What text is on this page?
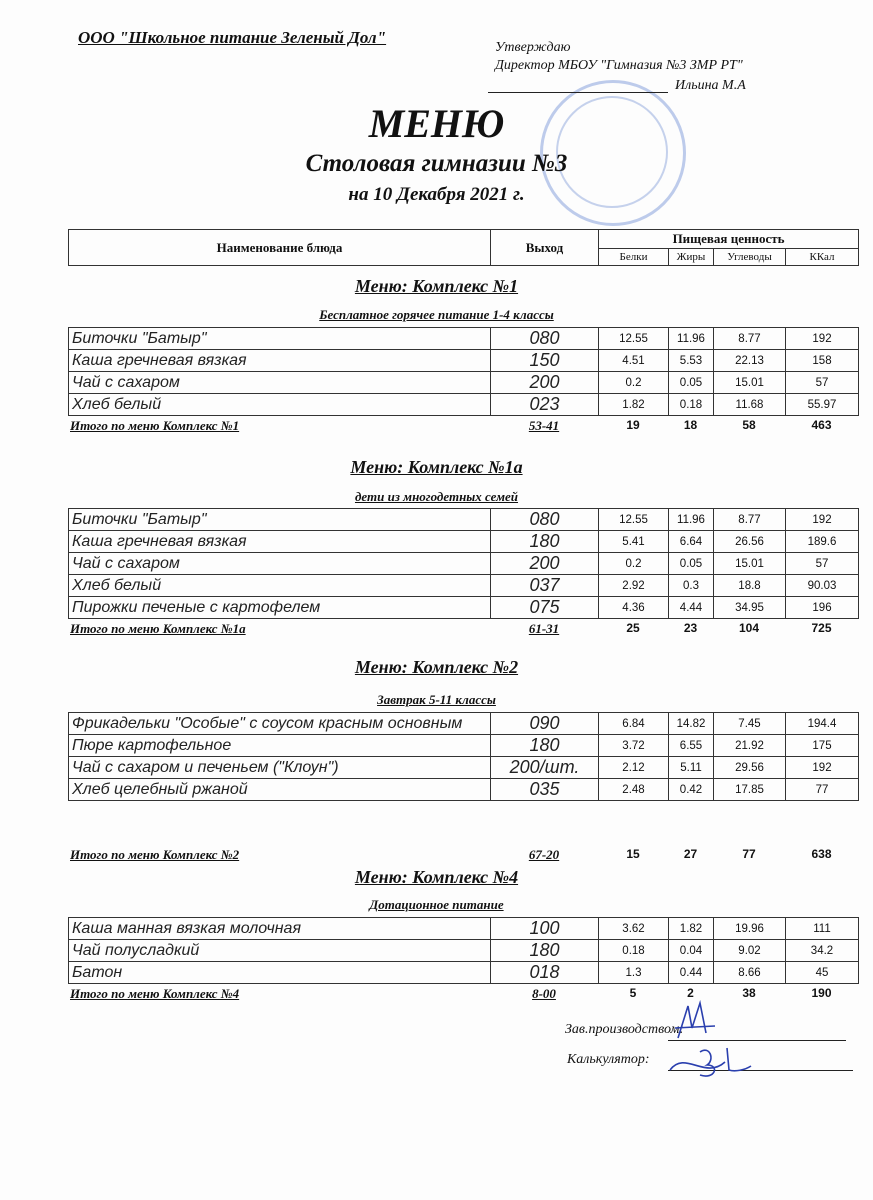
ООО "Школьное питание Зеленый Дол"
Утверждаю
Директор МБОУ "Гимназия №3 ЗМР РТ"
Ильина М.А
МЕНЮ
Столовая гимназии №3
на 10 Декабря 2021 г.
Наименование блюда	Выход	Пищевая ценность			
		Белки	Жиры	Углеводы	ККал
Меню: Комплекс №1
Бесплатное горячее питание 1-4 классы
Биточки "Батыр"	080	12.55	11.96	8.77	192
Каша гречневая вязкая	150	4.51	5.53	22.13	158
Чай с сахаром	200	0.2	0.05	15.01	57
Хлеб белый	023	1.82	0.18	11.68	55.97
Итого по меню Комплекс №1	53-41	19	18	58	463
Меню: Комплекс №1а
дети из многодетных семей
Биточки "Батыр"	080	12.55	11.96	8.77	192
Каша гречневая вязкая	180	5.41	6.64	26.56	189.6
Чай с сахаром	200	0.2	0.05	15.01	57
Хлеб белый	037	2.92	0.3	18.8	90.03
Пирожки печеные с картофелем	075	4.36	4.44	34.95	196
Итого по меню Комплекс №1а	61-31	25	23	104	725
Меню: Комплекс №2
Завтрак 5-11 классы
Фрикадельки "Особые" с соусом красным основным	090	6.84	14.82	7.45	194.4
Пюре картофельное	180	3.72	6.55	21.92	175
Чай с сахаром и печеньем ("Клоун")	200/шт.	2.12	5.11	29.56	192
Хлеб целебный ржаной	035	2.48	0.42	17.85	77
Итого по меню Комплекс №2	67-20	15	27	77	638
Меню: Комплекс №4
Дотационное питание
Каша манная вязкая молочная	100	3.62	1.82	19.96	111
Чай полусладкий	180	0.18	0.04	9.02	34.2
Батон	018	1.3	0.44	8.66	45
Итого по меню Комплекс №4	8-00	5	2	38	190
Зав.производством:
Калькулятор:
